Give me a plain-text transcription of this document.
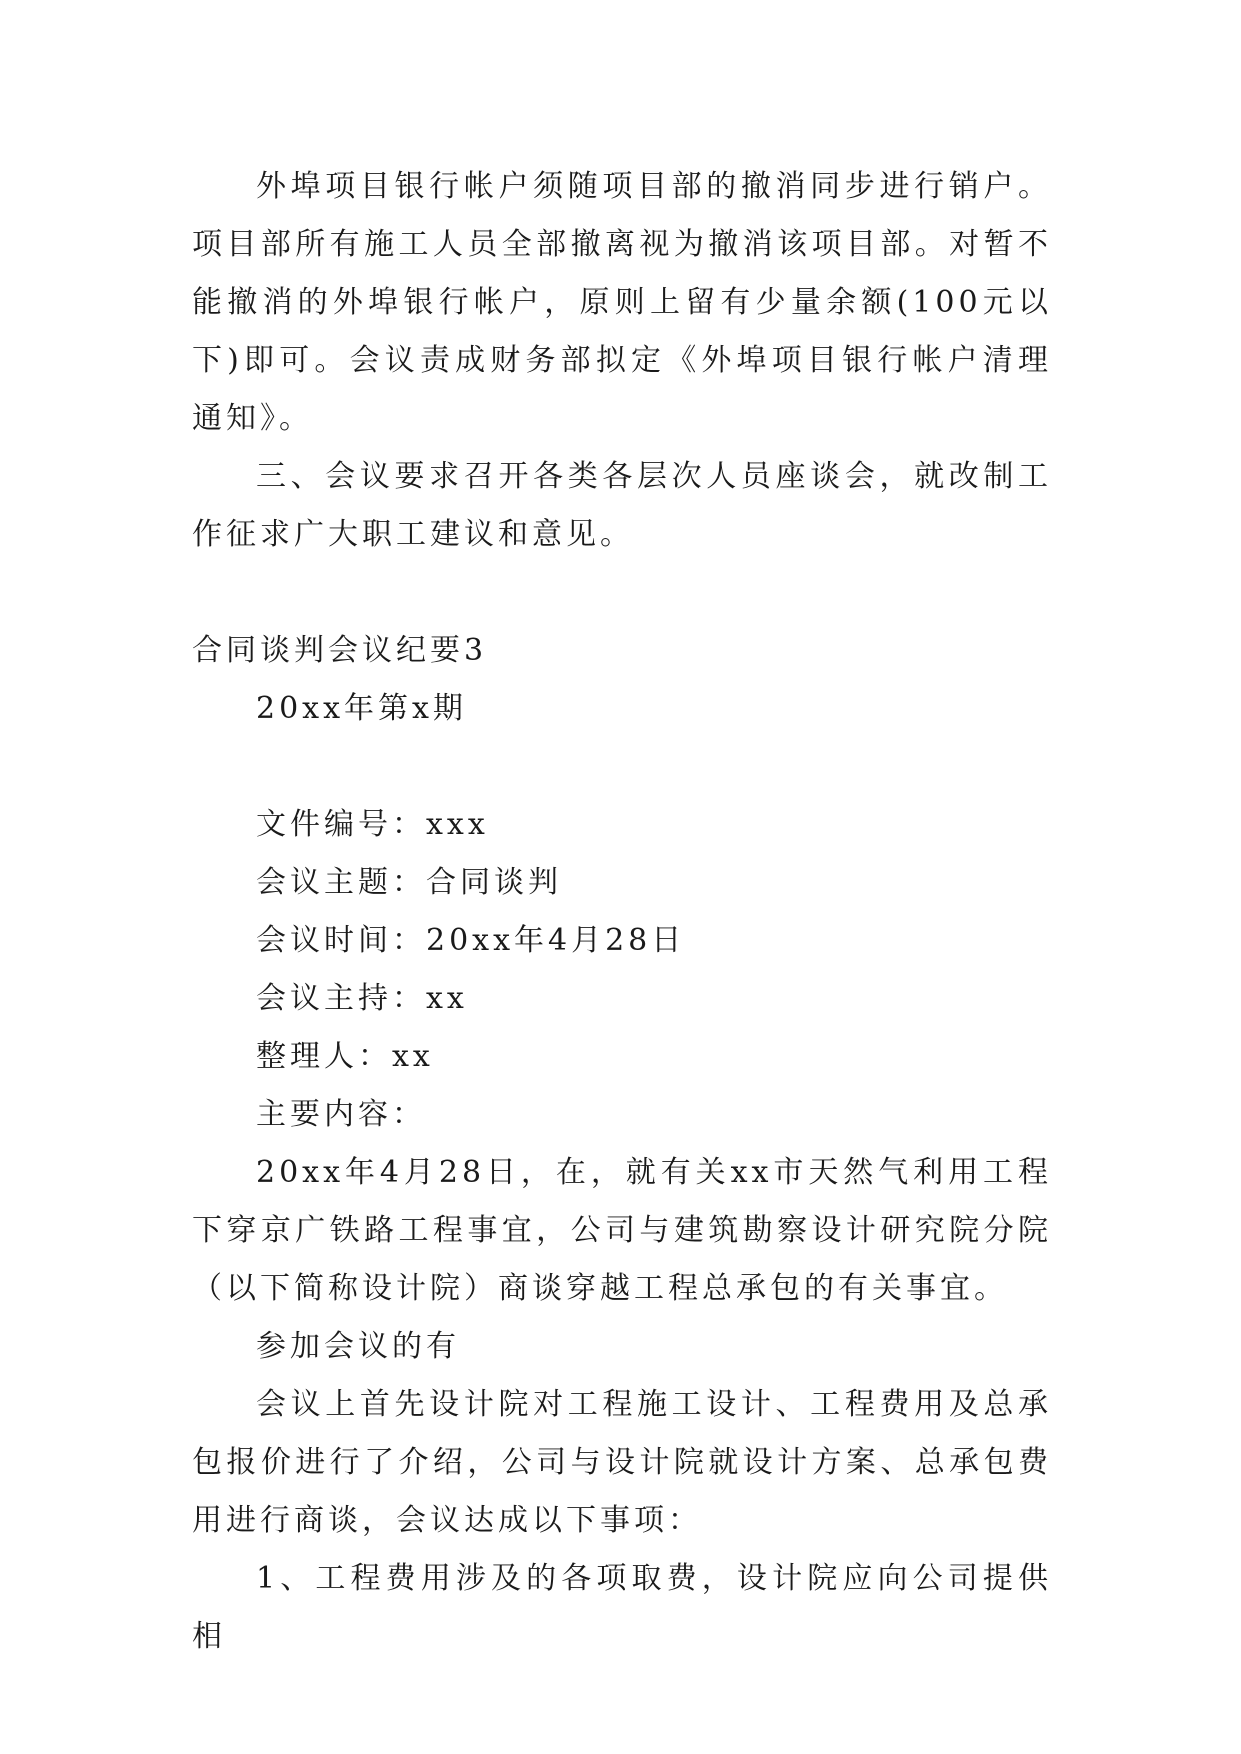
外埠项目银行帐户须随项目部的撤消同步进行销户。项目部所有施工人员全部撤离视为撤消该项目部。对暂不能撤消的外埠银行帐户，原则上留有少量余额(100元以下)即可。会议责成财务部拟定《外埠项目银行帐户清理通知》。

三、会议要求召开各类各层次人员座谈会，就改制工作征求广大职工建议和意见。

合同谈判会议纪要3

20xx年第x期

文件编号：xxx

会议主题：合同谈判

会议时间：20xx年4月28日

会议主持：xx

整理人：xx

主要内容：

20xx年4月28日，在，就有关xx市天然气利用工程下穿京广铁路工程事宜，公司与建筑勘察设计研究院分院（以下简称设计院）商谈穿越工程总承包的有关事宜。

参加会议的有

会议上首先设计院对工程施工设计、工程费用及总承包报价进行了介绍，公司与设计院就设计方案、总承包费用进行商谈，会议达成以下事项：

1、工程费用涉及的各项取费，设计院应向公司提供相
